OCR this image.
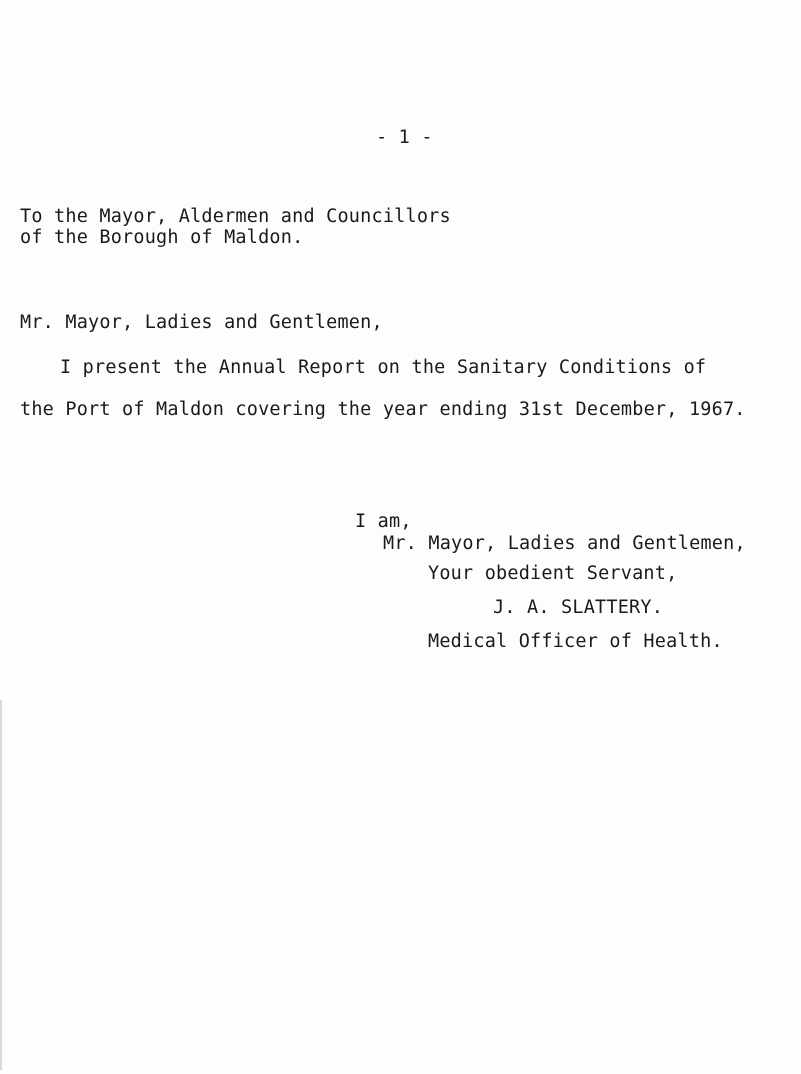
- 1 -
To the Mayor, Aldermen and Councillors
of the Borough of Maldon.
Mr. Mayor, Ladies and Gentlemen,
I present the Annual Report on the Sanitary Conditions of
the Port of Maldon covering the year ending 31st December, 1967.
I am,
Mr. Mayor, Ladies and Gentlemen,
Your obedient Servant,
J. A. SLATTERY.
Medical Officer of Health.
